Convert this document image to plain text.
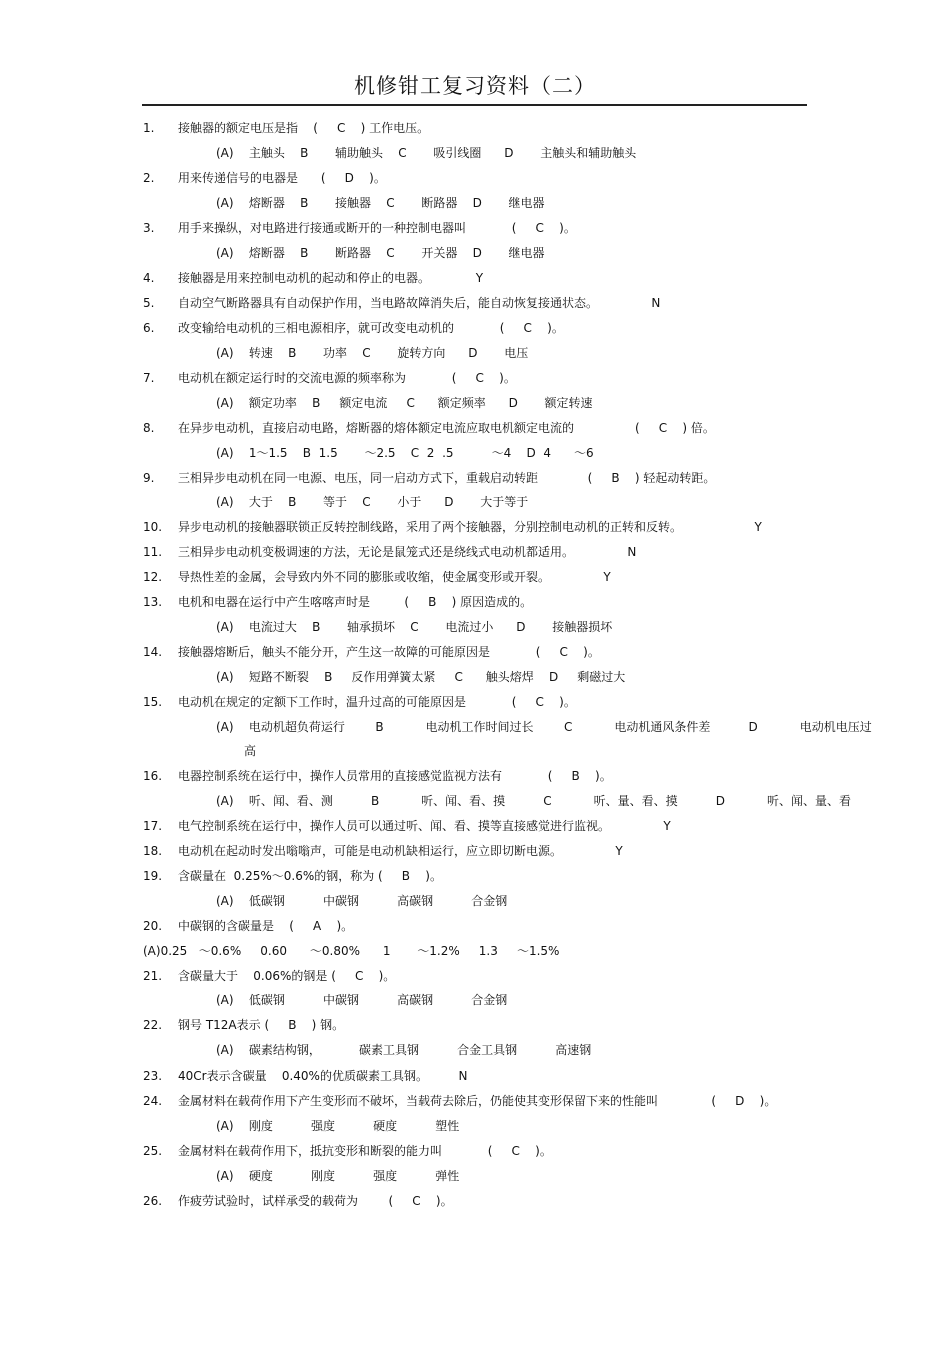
机修钳工复习资料（二）
1. 接触器的额定电压是指    (     C    ) 工作电压。
(A)    主触头    B       辅助触头    C       吸引线圈      D       主触头和辅助触头
2. 用来传递信号的电器是      (     D    )。
(A)    熔断器    B       接触器    C       断路器    D       继电器
3. 用手来操纵，对电路进行接通或断开的一种控制电器叫            (     C    )。
(A)    熔断器    B       断路器    C       开关器    D       继电器
4. 接触器是用来控制电动机的起动和停止的电器。            Y
5. 自动空气断路器具有自动保护作用，当电路故障消失后，能自动恢复接通状态。              N
6. 改变输给电动机的三相电源相序，就可改变电动机的            (     C    )。
(A)    转速    B       功率    C       旋转方向      D       电压
7. 电动机在额定运行时的交流电源的频率称为            (     C    )。
(A)    额定功率    B     额定电流     C      额定频率      D       额定转速
8. 在异步电动机，直接启动电路，熔断器的熔体额定电流应取电机额定电流的                (     C    ) 倍。
(A)    1～1.5    B  1.5       ～2.5    C  2  .5          ～4    D  4      ～6
9. 三相异步电动机在同一电源、电压，同一启动方式下，重载启动转距             (     B    ) 轻起动转距。
(A)    大于    B       等于    C       小于      D       大于等于
10. 异步电动机的接触器联锁正反转控制线路，采用了两个接触器，分别控制电动机的正转和反转。                   Y
11. 三相异步电动机变极调速的方法，无论是鼠笼式还是绕线式电动机都适用。              N
12. 导热性差的金属，会导致内外不同的膨胀或收缩，使金属变形或开裂。              Y
13. 电机和电器在运行中产生喀喀声时是         (     B    ) 原因造成的。
(A)    电流过大    B       轴承损坏    C       电流过小      D       接触器损坏
14. 接触器熔断后，触头不能分开，产生这一故障的可能原因是            (     C    )。
(A)    短路不断裂    B     反作用弹簧太紧     C      触头熔焊    D     剩磁过大
15. 电动机在规定的定额下工作时，温升过高的可能原因是            (     C    )。
(A)    电动机超负荷运行        B           电动机工作时间过长        C           电动机通风条件差          D           电动机电压过
高
16. 电器控制系统在运行中，操作人员常用的直接感觉监视方法有            (     B    )。
(A)    听、闻、看、测          B           听、闻、看、摸          C           听、量、看、摸          D           听、闻、量、看
17. 电气控制系统在运行中，操作人员可以通过听、闻、看、摸等直接感觉进行监视。              Y
18. 电动机在起动时发出嗡嗡声，可能是电动机缺相运行，应立即切断电源。              Y
19. 含碳量在  0.25%～0.6%的钢，称为 (     B    )。
(A)    低碳钢          中碳钢          高碳钢          合金钢
20. 中碳钢的含碳量是    (     A    )。
(A)0.25   ～0.6%     0.60      ～0.80%      1       ～1.2%     1.3     ～1.5%
21. 含碳量大于    0.06%的钢是 (     C    )。
(A)    低碳钢          中碳钢          高碳钢          合金钢
22. 钢号 T12A表示 (     B    ) 钢。
(A)    碳素结构钢，          碳素工具钢          合金工具钢          高速钢
23. 40Cr表示含碳量    0.40%的优质碳素工具钢。        N
24. 金属材料在载荷作用下产生变形而不破坏，当载荷去除后，仍能使其变形保留下来的性能叫              (     D    )。
(A)    刚度          强度          硬度          塑性
25. 金属材料在载荷作用下，抵抗变形和断裂的能力叫            (     C    )。
(A)    硬度          刚度          强度          弹性
26. 作疲劳试验时，试样承受的载荷为        (     C    )。
